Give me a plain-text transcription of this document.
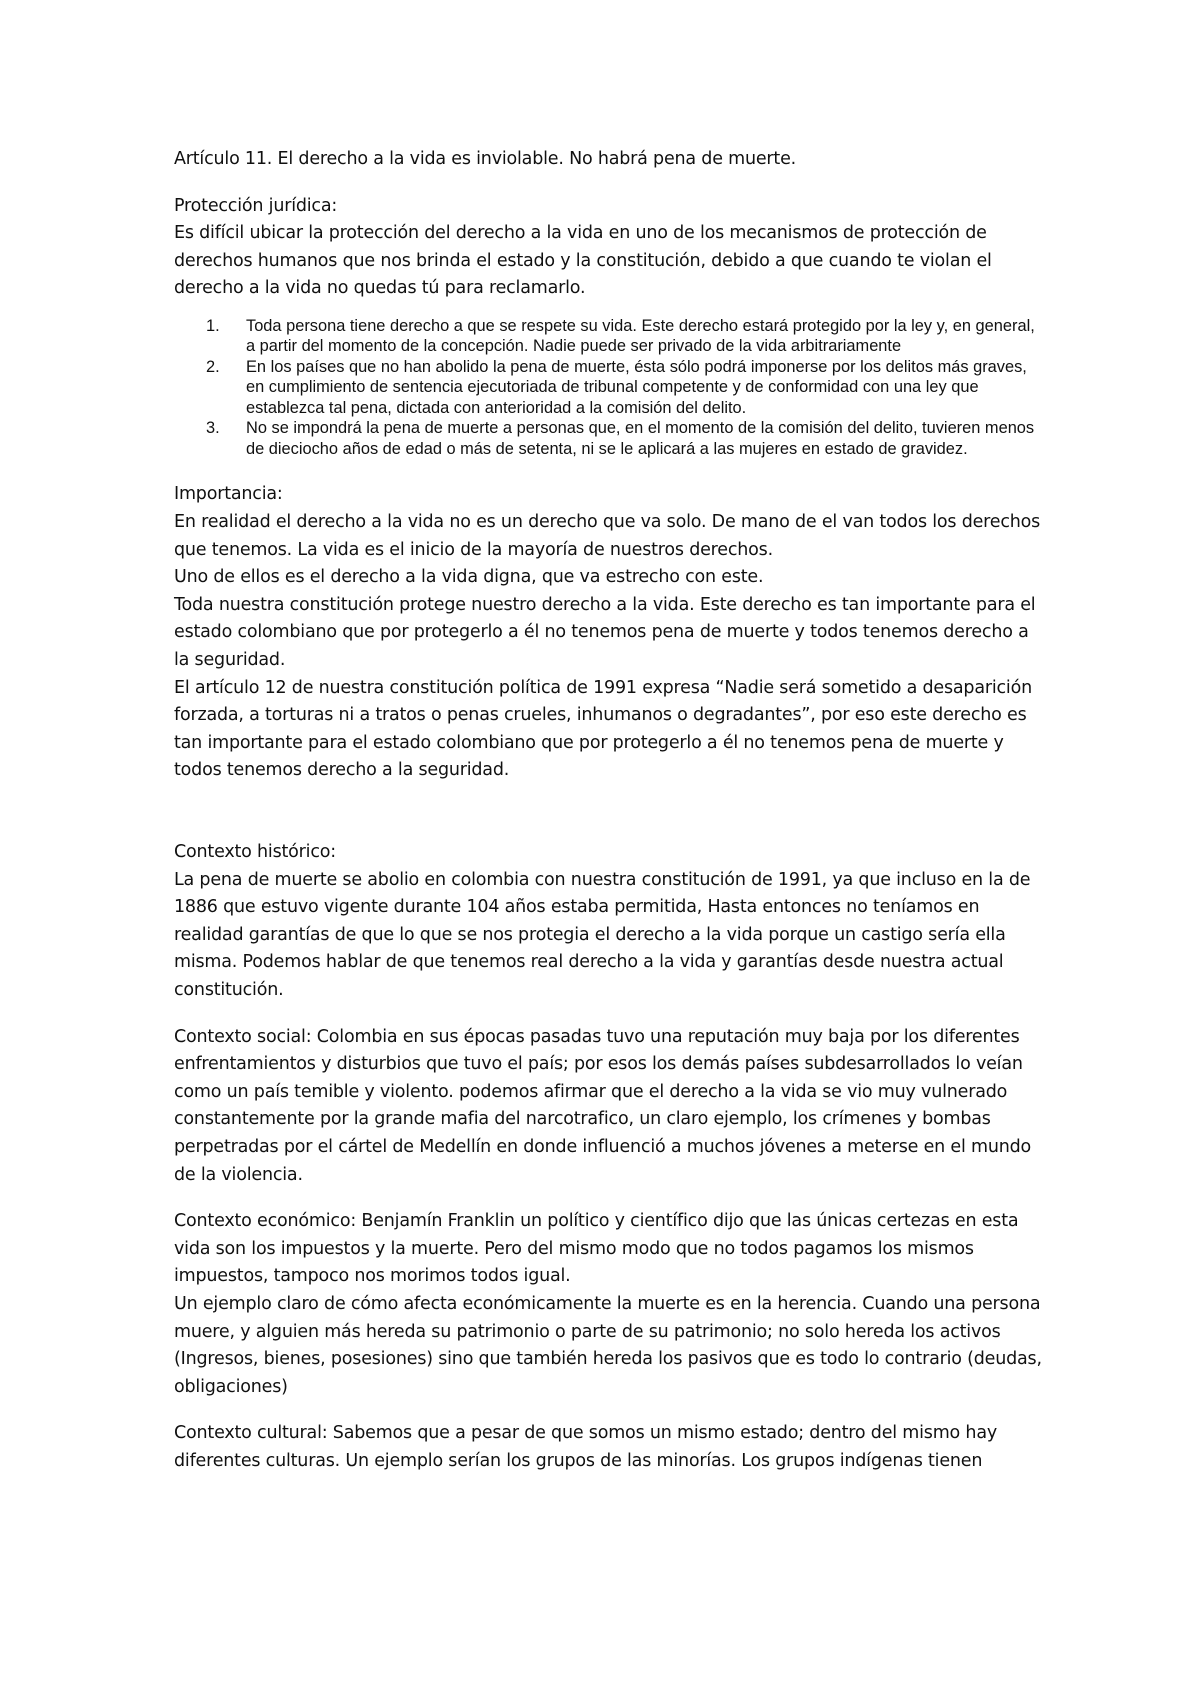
Artículo 11. El derecho a la vida es inviolable. No habrá pena de muerte.

Protección jurídica:

Es difícil ubicar la protección del derecho a la vida en uno de los mecanismos de protección de derechos humanos que nos brinda el estado y la constitución, debido a que cuando te violan el derecho a la vida no quedas tú para reclamarlo.

1. Toda persona tiene derecho a que se respete su vida. Este derecho estará protegido por la ley y, en general, a partir del momento de la concepción. Nadie puede ser privado de la vida arbitrariamente
2. En los países que no han abolido la pena de muerte, ésta sólo podrá imponerse por los delitos más graves, en cumplimiento de sentencia ejecutoriada de tribunal competente y de conformidad con una ley que establezca tal pena, dictada con anterioridad a la comisión del delito.
3. No se impondrá la pena de muerte a personas que, en el momento de la comisión del delito, tuvieren menos de dieciocho años de edad o más de setenta, ni se le aplicará a las mujeres en estado de gravidez.

Importancia:

En realidad el derecho a la vida no es un derecho que va solo. De mano de el van todos los derechos que tenemos. La vida es el inicio de la mayoría de nuestros derechos.

Uno de ellos es el derecho a la vida digna, que va estrecho con este.

Toda nuestra constitución protege nuestro derecho a la vida. Este derecho es tan importante para el estado colombiano que por protegerlo a él no tenemos pena de muerte y todos tenemos derecho a la seguridad.

El artículo 12 de nuestra constitución política de 1991 expresa “Nadie será sometido a desaparición forzada, a torturas ni a tratos o penas crueles, inhumanos o degradantes”, por eso este derecho es tan importante para el estado colombiano que por protegerlo a él no tenemos pena de muerte y todos tenemos derecho a la seguridad.

Contexto histórico:

La pena de muerte se abolio en colombia con nuestra constitución de 1991, ya que incluso en la de 1886 que estuvo vigente durante 104 años estaba permitida, Hasta entonces no teníamos en realidad garantías de que lo que se nos protegia el derecho a la vida porque un castigo sería ella misma. Podemos hablar de que tenemos real derecho a la vida y garantías desde nuestra actual constitución.

Contexto social: Colombia en sus épocas pasadas tuvo una reputación muy baja por los diferentes enfrentamientos y disturbios que tuvo el país; por esos los demás países subdesarrollados lo veían como un país temible y violento. podemos afirmar que el derecho a la vida se vio muy vulnerado constantemente por la grande mafia del narcotrafico, un claro ejemplo, los crímenes y bombas perpetradas por el cártel de Medellín en donde influenció a muchos jóvenes a meterse en el mundo de la violencia.

Contexto económico: Benjamín Franklin un político y científico dijo que las únicas certezas en esta vida son los impuestos y la muerte. Pero del mismo modo que no todos pagamos los mismos impuestos, tampoco nos morimos todos igual.

Un ejemplo claro de cómo afecta económicamente la muerte es en la herencia. Cuando una persona muere, y alguien más hereda su patrimonio o parte de su patrimonio; no solo hereda los activos (Ingresos, bienes, posesiones) sino que también hereda los pasivos que es todo lo contrario (deudas, obligaciones)

Contexto cultural: Sabemos que a pesar de que somos un mismo estado; dentro del mismo hay diferentes culturas. Un ejemplo serían los grupos de las minorías. Los grupos indígenas tienen
